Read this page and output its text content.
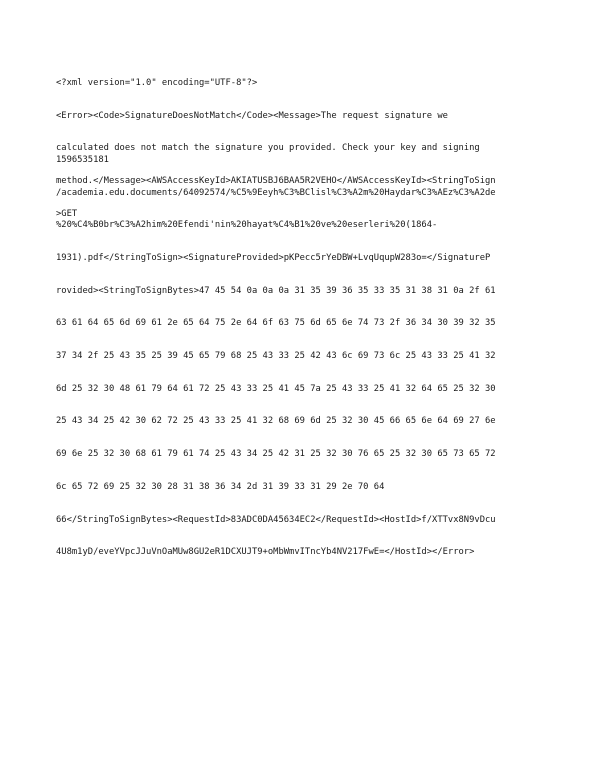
<?xml version="1.0" encoding="UTF-8"?>

<Error><Code>SignatureDoesNotMatch</Code><Message>The request signature we

calculated does not match the signature you provided. Check your key and signing

method.</Message><AWSAccessKeyId>AKIATUSBJ6BAA5R2VEHO</AWSAccessKeyId><StringToSign

>GET

1596535181

/academia.edu.documents/64092574/%C5%9Eeyh%C3%BClisl%C3%A2m%20Haydar%C3%AEz%C3%A2de

%20%C4%B0br%C3%A2him%20Efendi'nin%20hayat%C4%B1%20ve%20eserleri%20(1864-

1931).pdf</StringToSign><SignatureProvided>pKPecc5rYeDBW+LvqUqupW283o=</SignatureP

rovided><StringToSignBytes>47 45 54 0a 0a 0a 31 35 39 36 35 33 35 31 38 31 0a 2f 61

63 61 64 65 6d 69 61 2e 65 64 75 2e 64 6f 63 75 6d 65 6e 74 73 2f 36 34 30 39 32 35

37 34 2f 25 43 35 25 39 45 65 79 68 25 43 33 25 42 43 6c 69 73 6c 25 43 33 25 41 32

6d 25 32 30 48 61 79 64 61 72 25 43 33 25 41 45 7a 25 43 33 25 41 32 64 65 25 32 30

25 43 34 25 42 30 62 72 25 43 33 25 41 32 68 69 6d 25 32 30 45 66 65 6e 64 69 27 6e

69 6e 25 32 30 68 61 79 61 74 25 43 34 25 42 31 25 32 30 76 65 25 32 30 65 73 65 72

6c 65 72 69 25 32 30 28 31 38 36 34 2d 31 39 33 31 29 2e 70 64

66</StringToSignBytes><RequestId>83ADC0DA45634EC2</RequestId><HostId>f/XTTvx8N9vDcu

4U8m1yD/eveYVpcJJuVnOaMUw8GU2eR1DCXUJT9+oMbWmvITncYb4NV217FwE=</HostId></Error>
